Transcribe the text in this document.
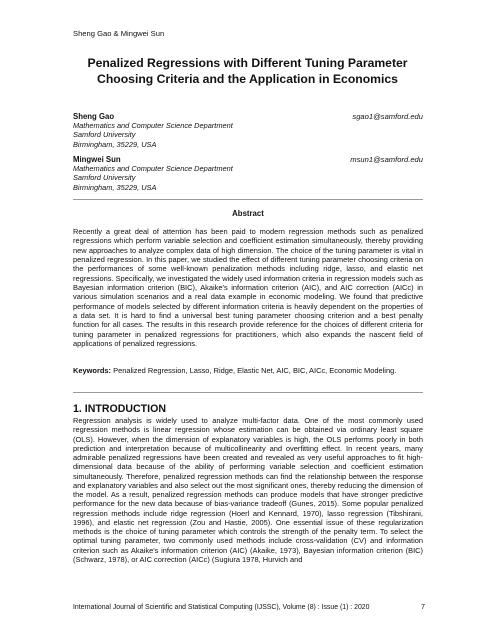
Sheng Gao & Mingwei Sun
Penalized Regressions with Different Tuning Parameter Choosing Criteria and the Application in Economics
Sheng Gao	sgao1@samford.edu
Mathematics and Computer Science Department
Samford University
Birmingham, 35229, USA
Mingwei Sun	msun1@samford.edu
Mathematics and Computer Science Department
Samford University
Birmingham, 35229, USA
Abstract
Recently a great deal of attention has been paid to modern regression methods such as penalized regressions which perform variable selection and coefficient estimation simultaneously, thereby providing new approaches to analyze complex data of high dimension. The choice of the tuning parameter is vital in penalized regression. In this paper, we studied the effect of different tuning parameter choosing criteria on the performances of some well-known penalization methods including ridge, lasso, and elastic net regressions. Specifically, we investigated the widely used information criteria in regression models such as Bayesian information criterion (BIC), Akaike's information criterion (AIC), and AIC correction (AICc) in various simulation scenarios and a real data example in economic modeling. We found that predictive performance of models selected by different information criteria is heavily dependent on the properties of a data set. It is hard to find a universal best tuning parameter choosing criterion and a best penalty function for all cases. The results in this research provide reference for the choices of different criteria for tuning parameter in penalized regressions for practitioners, which also expands the nascent field of applications of penalized regressions.
Keywords: Penalized Regression, Lasso, Ridge, Elastic Net, AIC, BIC, AICc, Economic Modeling.
1. INTRODUCTION
Regression analysis is widely used to analyze multi-factor data. One of the most commonly used regression methods is linear regression whose estimation can be obtained via ordinary least square (OLS). However, when the dimension of explanatory variables is high, the OLS performs poorly in both prediction and interpretation because of multicollinearity and overfitting effect. In recent years, many admirable penalized regressions have been created and revealed as very useful approaches to fit high-dimensional data because of the ability of performing variable selection and coefficient estimation simultaneously. Therefore, penalized regression methods can find the relationship between the response and explanatory variables and also select out the most significant ones, thereby reducing the dimension of the model. As a result, penalized regression methods can produce models that have stronger predictive performance for the new data because of bias-variance tradeoff (Gunes, 2015). Some popular penalized regression methods include ridge regression (Hoerl and Kennard, 1970), lasso regression (Tibshirani, 1996), and elastic net regression (Zou and Hastie, 2005). One essential issue of these regularization methods is the choice of tuning parameter which controls the strength of the penalty term. To select the optimal tuning parameter, two commonly used methods include cross-validation (CV) and information criterion such as Akaike's information criterion (AIC) (Akaike, 1973), Bayesian information criterion (BIC) (Schwarz, 1978), or AIC correction (AICc) (Sugiura 1978, Hurvich and
International Journal of Scientific and Statistical Computing (IJSSC), Volume (8) : Issue (1) : 2020	7
